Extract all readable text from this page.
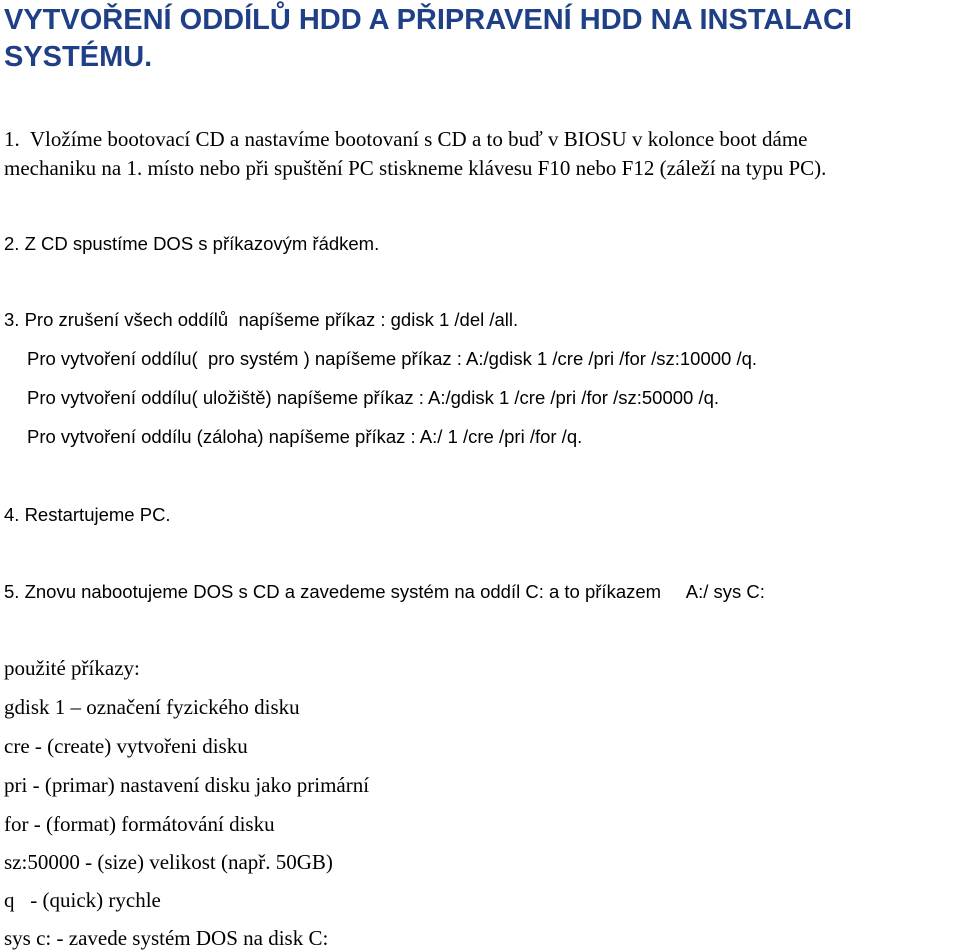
VYTVOŘENÍ ODDÍLŮ HDD A PŘIPRAVENÍ HDD NA INSTALACI SYSTÉMU.

1.  Vložíme bootovací CD a nastavíme bootovaní s CD a to buď v BIOSU v kolonce boot dáme

mechaniku na 1. místo nebo při spuštění PC stiskneme klávesu F10 nebo F12 (záleží na typu PC).

2. Z CD spustíme DOS s příkazovým řádkem.

3. Pro zrušení všech oddílů  napíšeme příkaz : gdisk 1 /del /all.

Pro vytvoření oddílu(  pro systém ) napíšeme příkaz : A:/gdisk 1 /cre /pri /for /sz:10000 /q.

Pro vytvoření oddílu( uložiště) napíšeme příkaz : A:/gdisk 1 /cre /pri /for /sz:50000 /q.

Pro vytvoření oddílu (záloha) napíšeme příkaz : A:/ 1 /cre /pri /for /q.

4. Restartujeme PC.

5. Znovu nabootujeme DOS s CD a zavedeme systém na oddíl C: a to příkazem     A:/ sys C:

použité příkazy:

gdisk 1 – označení fyzického disku

cre - (create) vytvořeni disku

pri - (primar) nastavení disku jako primární

for - (format) formátování disku

sz:50000 - (size) velikost (např. 50GB)

q   - (quick) rychle

sys c: - zavede systém DOS na disk C:
